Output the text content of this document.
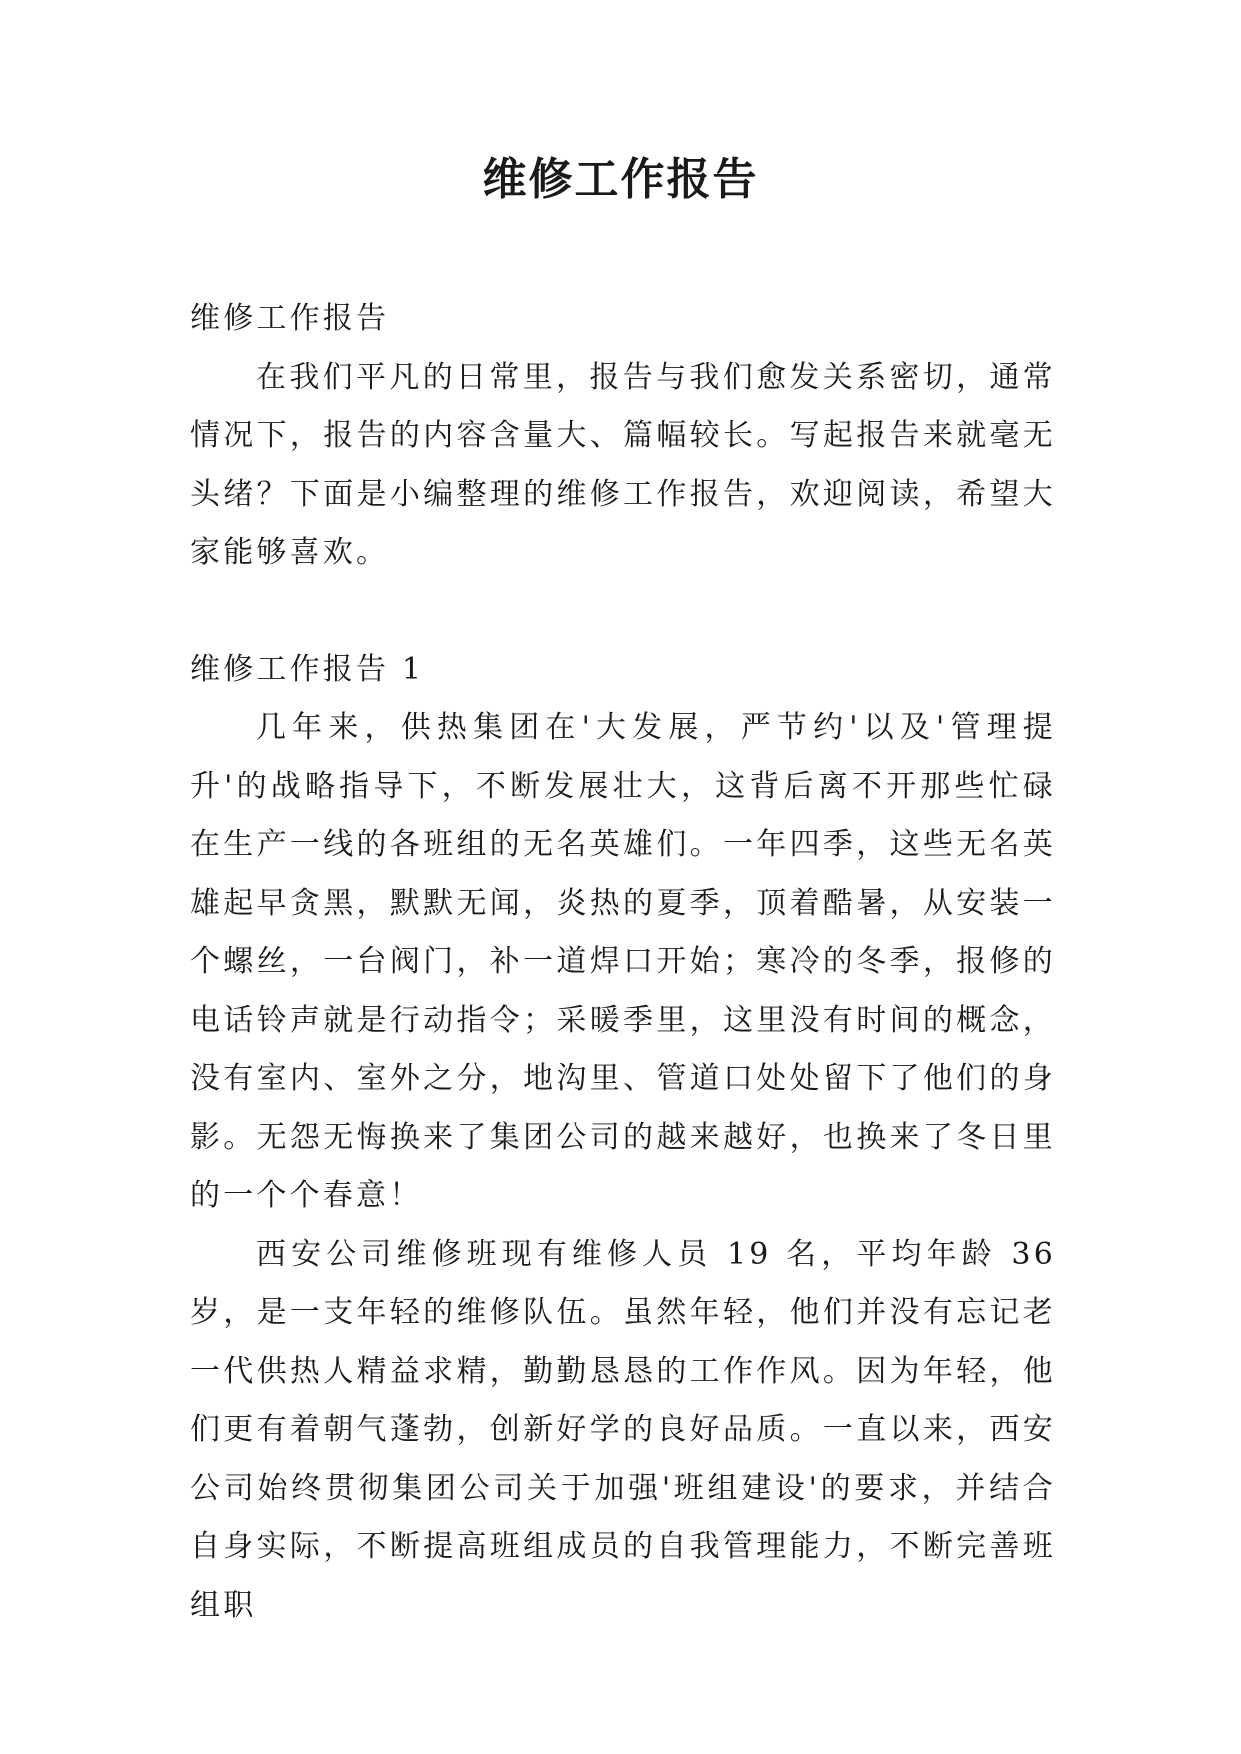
维修工作报告

维修工作报告

在我们平凡的日常里，报告与我们愈发关系密切，通常情况下，报告的内容含量大、篇幅较长。写起报告来就毫无头绪？下面是小编整理的维修工作报告，欢迎阅读，希望大家能够喜欢。

维修工作报告 1

几年来，供热集团在'大发展，严节约'以及'管理提升'的战略指导下，不断发展壮大，这背后离不开那些忙碌在生产一线的各班组的无名英雄们。一年四季，这些无名英雄起早贪黑，默默无闻，炎热的夏季，顶着酷暑，从安装一个螺丝，一台阀门，补一道焊口开始；寒冷的冬季，报修的电话铃声就是行动指令；采暖季里，这里没有时间的概念，没有室内、室外之分，地沟里、管道口处处留下了他们的身影。无怨无悔换来了集团公司的越来越好，也换来了冬日里的一个个春意！

西安公司维修班现有维修人员 19 名，平均年龄 36 岁，是一支年轻的维修队伍。虽然年轻，他们并没有忘记老一代供热人精益求精，勤勤恳恳的工作作风。因为年轻，他们更有着朝气蓬勃，创新好学的良好品质。一直以来，西安公司始终贯彻集团公司关于加强'班组建设'的要求，并结合自身实际，不断提高班组成员的自我管理能力，不断完善班组职
